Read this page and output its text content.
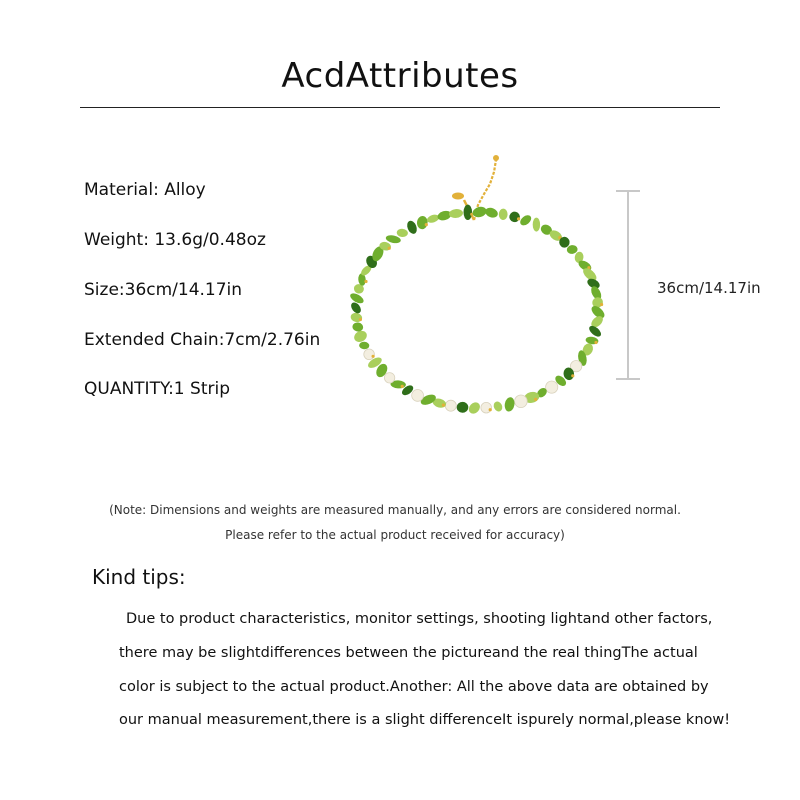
AcdAttributes
Material: Alloy
Weight: 13.6g/0.48oz
Size:36cm/14.17in
Extended Chain:7cm/2.76in
QUANTITY:1 Strip
36cm/14.17in
(Note: Dimensions and weights are measured manually, and any errors are considered normal.
Please refer to the actual product received for accuracy)
Kind tips:
Due to product characteristics, monitor settings, shooting lightand other factors,
there may be slightdifferences between the pictureand the real thingThe actual
color is subject to the actual product.Another: All the above data are obtained by
our manual measurement,there is a slight differenceIt ispurely normal,please know!
